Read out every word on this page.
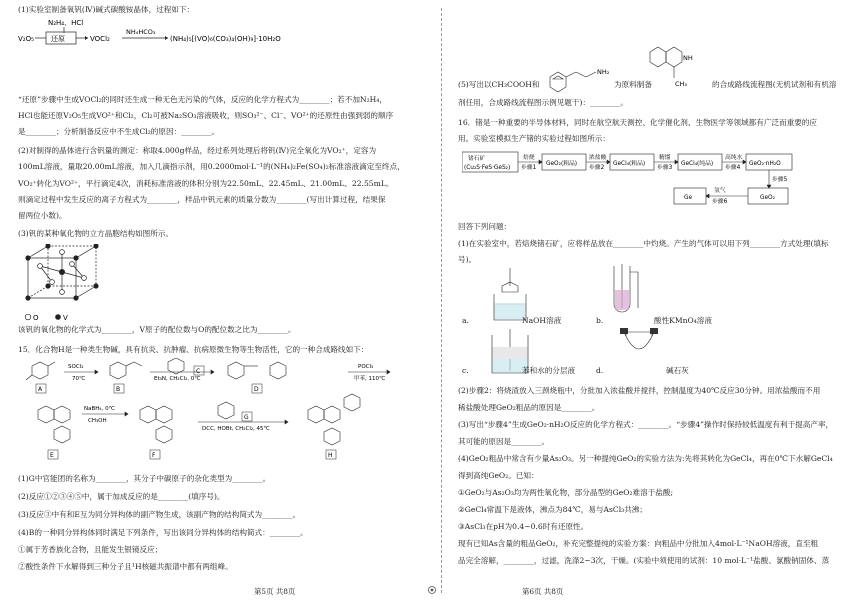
(1)实验室制备氧钒(Ⅳ)碱式碳酸铵晶体，过程如下：
N₂H₄、HCl
V₂O₅ 还原	VOCl₂
NH₄HCO₃
(NH₄)₅[(VO)₆(CO₃)₄(OH)₉]·10H₂O
“还原”步骤中生成VOCl₂的同时还生成一种无色无污染的气体，反应的化学方程式为________；若不加N₂H₄，
HCl也能还原V₂O₅生成VO²⁺和Cl₂，Cl₂可被Na₂SO₃溶液吸收，则SO₃²⁻、Cl⁻、VO²⁺的还原性由强到弱的顺序
是________；分析制备反应中不生成Cl₂的原因：________。
(2)对制得的晶体进行含钒量的测定：称取4.000g样品，经过系列处理后将钒(Ⅳ)完全氧化为VO₂⁺，定容为
100mL溶液，量取20.00mL溶液，加入几滴指示剂，用0.2000mol·L⁻¹的(NH₄)₂Fe(SO₄)₂标准溶液滴定至终点，
VO₂⁺转化为VO²⁺，平行滴定4次，消耗标准溶液的体积分别为22.50mL、22.45mL、21.00mL、22.55mL。
则滴定过程中发生反应的离子方程式为________，样品中钒元素的质量分数为________(写出计算过程，结果保
留两位小数)。
(3)钒的某种氧化物的立方晶胞结构如图所示。
O	V
该钒的氧化物的化学式为________，V原子的配位数与O的配位数之比为________。
15．化合物H是一种类生物碱，具有抗炎、抗肿瘤、抗病原微生物等生物活性，它的一种合成路线如下：
SOCl₂
70℃	Et₃N, CH₂Cl₂, 0℃
POCl₃
甲苯, 110℃
NaBH₄, 0℃
CH₃OH
DCC, HOBt, CH₂Cl₂, 45℃
A	B
C
D
E	F
G
H
(1)G中官能团的名称为________，其分子中碳原子的杂化类型为________。
(2)反应①②③④⑤中，属于加成反应的是________(填序号)。
(3)反应③中有和E互为同分异构体的副产物生成，该副产物的结构简式为________。
(4)B的一种同分异构体同时满足下列条件，写出该同分异构体的结构简式：________。
①属于芳香族化合物，且能发生银镜反应；
②酸性条件下水解得到三种分子且¹H核磁共振谱中都有两组峰。
第5页 共8页
(5)写出以CH₃COOH和
NH₂
为原料制备
NH
CH₃	的合成路线流程图(无机试剂和有机溶
剂任用，合成路线流程图示例见题干)：________。
16．锗是一种重要的半导体材料，同时在航空航天测控、化学催化剂、生物医学等领域都有广泛而重要的应
用。实验室模拟生产锗的实验过程如图所示：
锗石矿
(Cu₂S·FeS·GeS₂)
焙烧
步骤1
GeO₂(粗品)
浓盐酸
步骤2
GeCl₄(粗品)
精馏
步骤3
GeCl₄(纯品)
高纯水
步骤4
GeO₂·nH₂O
步骤5
GeO₂
氢气
步骤6
Ge
回答下列问题：
(1)在实验室中，若焙烧锗石矿，应将样品放在________中灼烧。产生的气体可以用下列________方式处理(填标
号)。
a.	NaOH溶液	b.	酸性KMnO₄溶液
c.	苯和水的分层液	d.	碱石灰
(2)步骤2：将烧渣放入三颈烧瓶中，分批加入浓盐酸并搅拌，控制温度为40℃反应30分钟。用浓盐酸而不用
稀盐酸处理GeO₂粗品的原因是________。
(3)写出“步骤4”生成GeO₂·nH₂O反应的化学方程式：________。“步骤4”操作时保持较低温度有利于提高产率，
其可能的原因是________。
(4)GeO₂粗品中常含有少量As₂O₃。另一种提纯GeO₂的实验方法为:先将其转化为GeCl₄，再在0℃下水解GeCl₄
得到高纯GeO₂。已知：
①GeO₂与As₂O₃均为两性氧化物，部分晶型的GeO₂难溶于盐酸;
②GeCl₄常温下是液体，沸点为84℃，易与AsCl₃共沸；
③AsCl₃在pH为0.4~0.6时有还原性。
现有已知As含量的粗品GeO₂，补充完整提纯的实验方案：向粗品中分批加入4mol·L⁻¹NaOH溶液，直至粗
品完全溶解，________，过滤，洗涤2~3次，干燥。(实验中须使用的试剂：10 mol·L⁻¹盐酸、氯酸钠固体、蒸
第6页 共8页
